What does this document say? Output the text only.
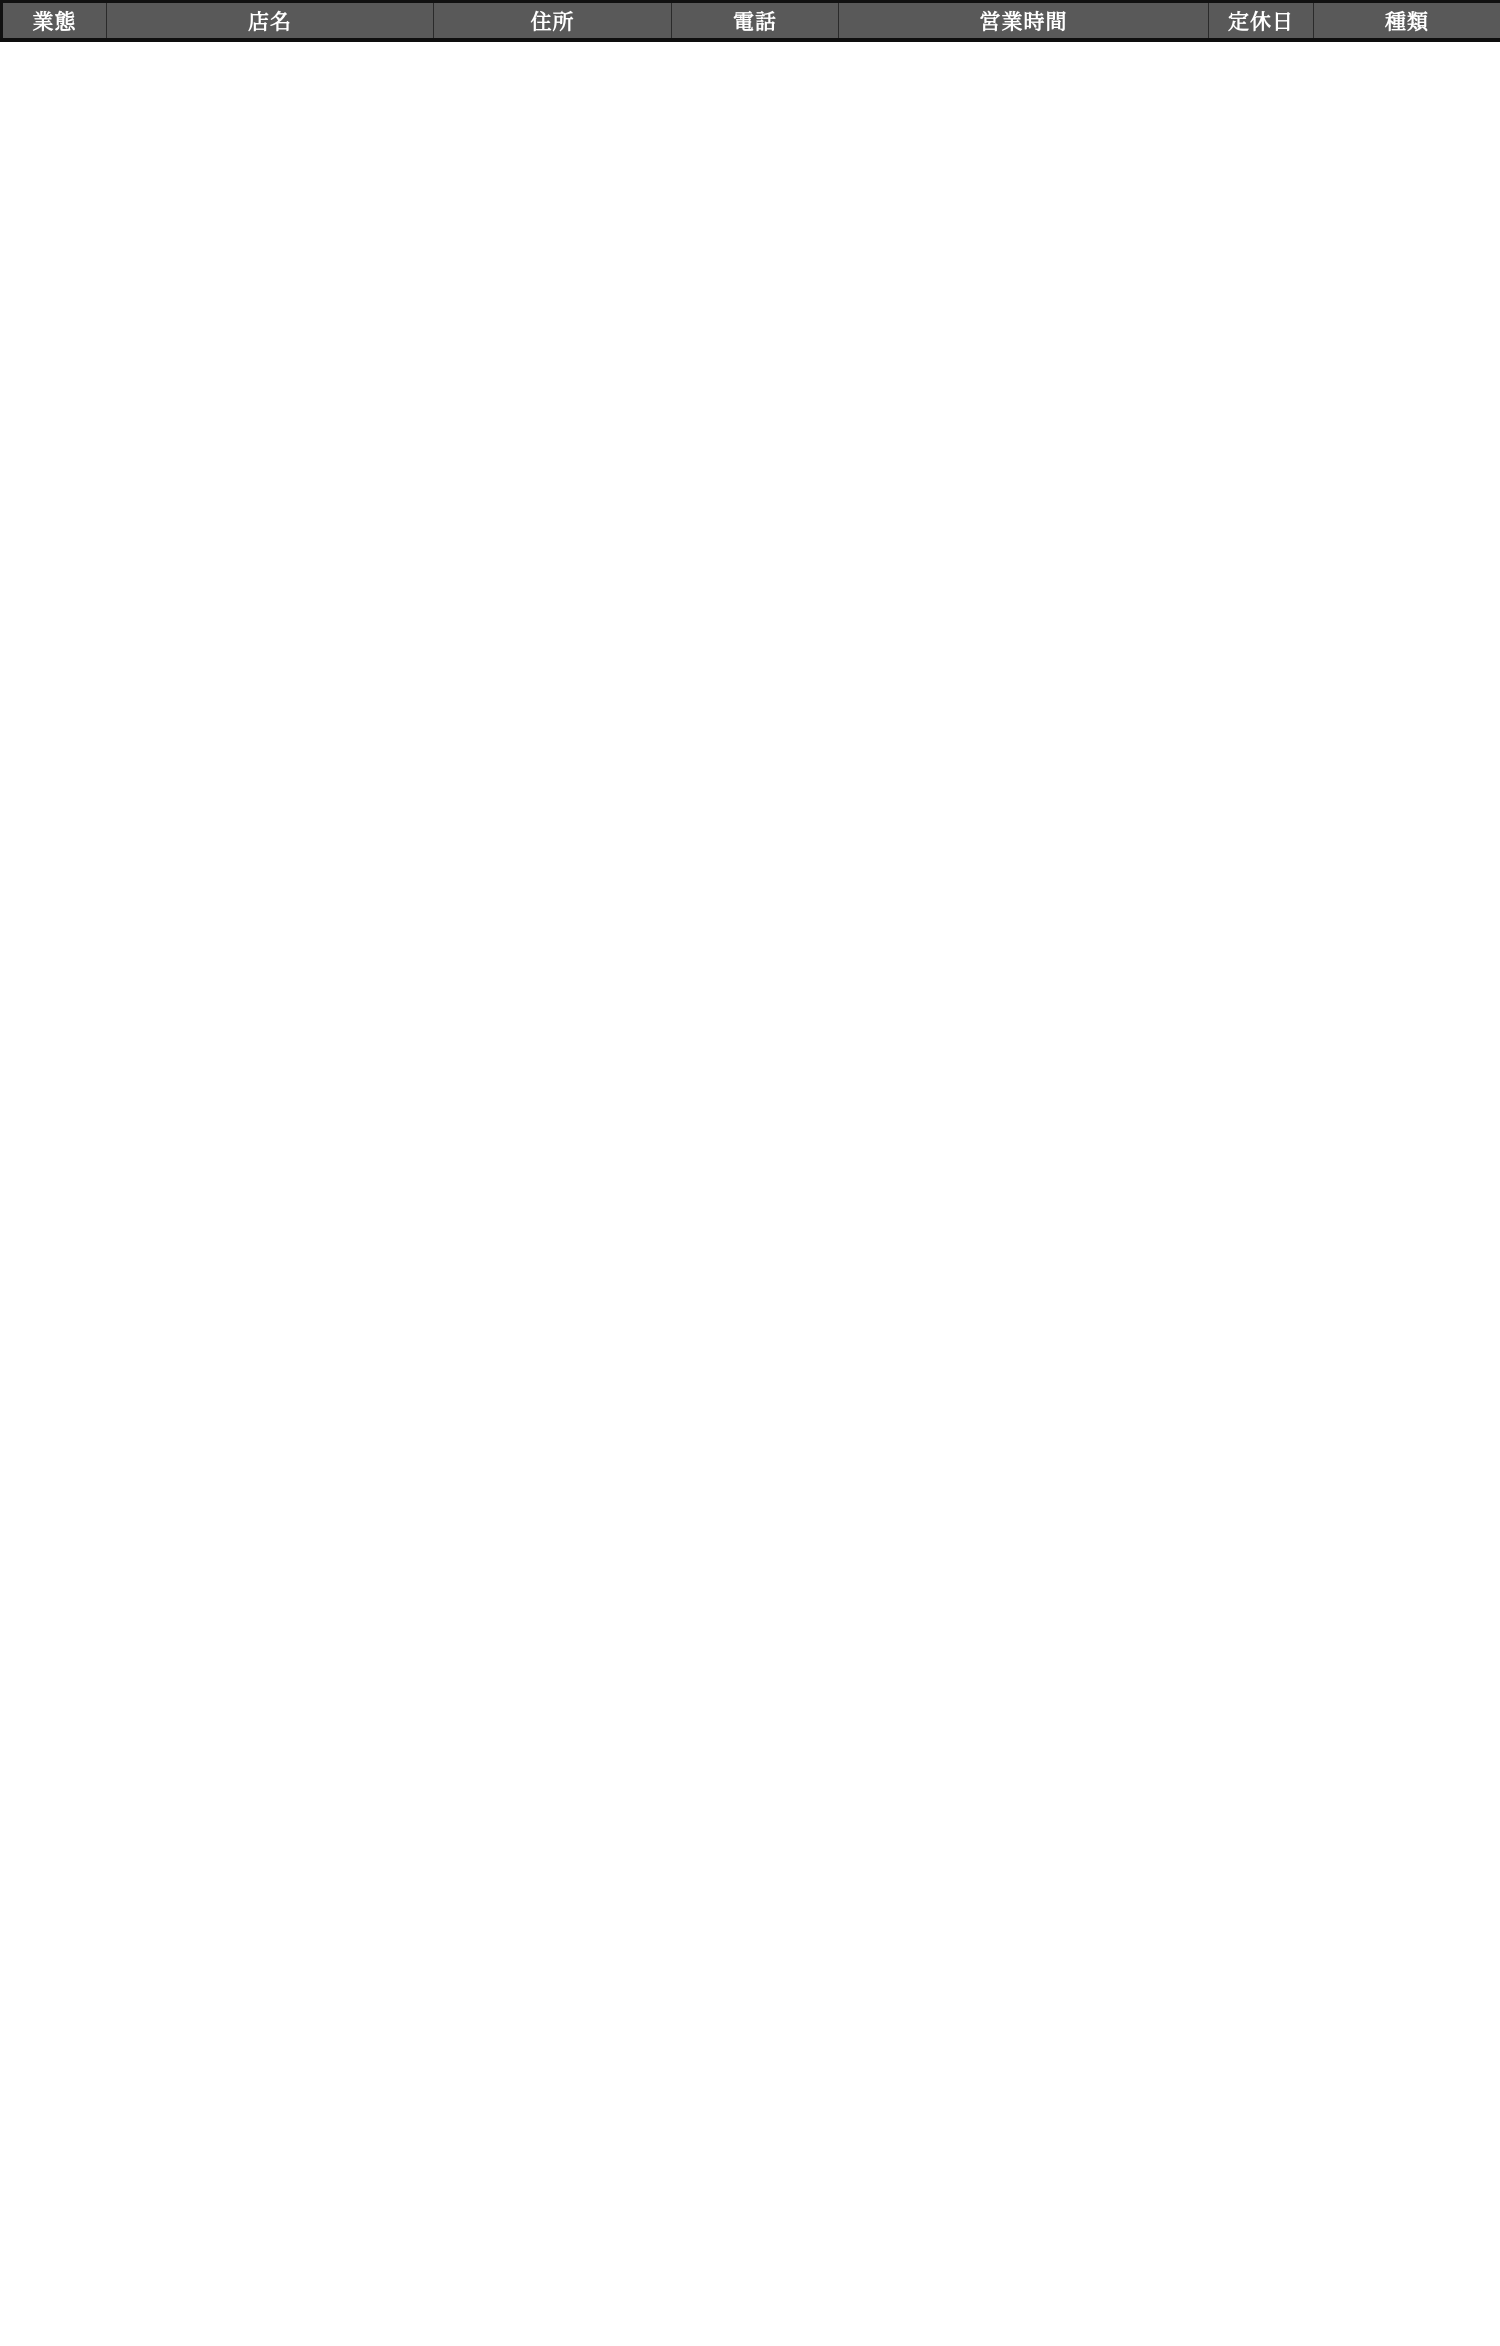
業態	店名	住所	電話	営業時間	定休日	種類
